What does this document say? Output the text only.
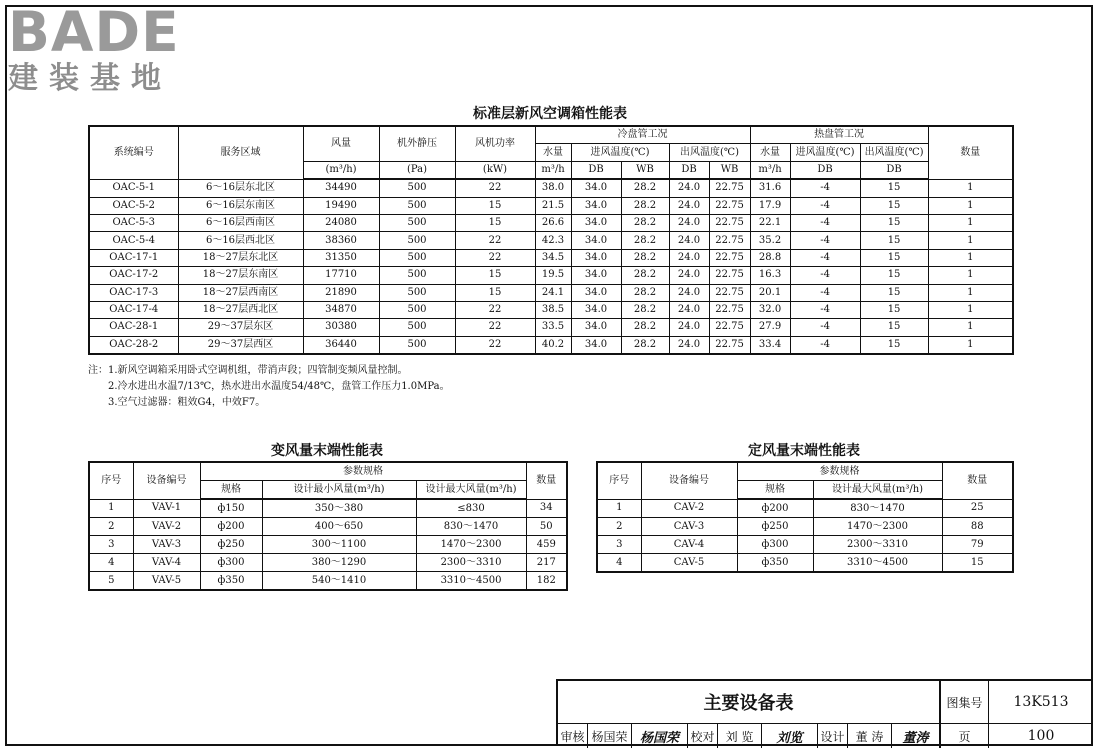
BADE
建装基地
标准层新风空调箱性能表
系统编号	服务区域	风量	机外静压	风机功率	冷盘管工况					热盘管工况			数量
					水量	进风温度(℃)		出风温度(℃)		水量	进风温度(℃)	出风温度(℃)	
		(m³/h)	(Pa)	(kW)	m³/h	DB	WB	DB	WB	m³/h	DB	DB	
OAC-5-1	6～16层东北区	34490	500	22	38.0	34.0	28.2	24.0	22.75	31.6	-4	15	1
OAC-5-2	6～16层东南区	19490	500	15	21.5	34.0	28.2	24.0	22.75	17.9	-4	15	1
OAC-5-3	6～16层西南区	24080	500	15	26.6	34.0	28.2	24.0	22.75	22.1	-4	15	1
OAC-5-4	6～16层西北区	38360	500	22	42.3	34.0	28.2	24.0	22.75	35.2	-4	15	1
OAC-17-1	18～27层东北区	31350	500	22	34.5	34.0	28.2	24.0	22.75	28.8	-4	15	1
OAC-17-2	18～27层东南区	17710	500	15	19.5	34.0	28.2	24.0	22.75	16.3	-4	15	1
OAC-17-3	18～27层西南区	21890	500	15	24.1	34.0	28.2	24.0	22.75	20.1	-4	15	1
OAC-17-4	18～27层西北区	34870	500	22	38.5	34.0	28.2	24.0	22.75	32.0	-4	15	1
OAC-28-1	29～37层东区	30380	500	22	33.5	34.0	28.2	24.0	22.75	27.9	-4	15	1
OAC-28-2	29～37层西区	36440	500	22	40.2	34.0	28.2	24.0	22.75	33.4	-4	15	1
注：1.新风空调箱采用卧式空调机组，带消声段；四管制变频风量控制。
2.冷水进出水温7/13℃，热水进出水温度54/48℃，盘管工作压力1.0MPa。
3.空气过滤器：粗效G4，中效F7。
变风量末端性能表
序号	设备编号	参数规格			数量
		规格	设计最小风量(m³/h)	设计最大风量(m³/h)	
1	VAV-1	ф150	350～380	≤830	34
2	VAV-2	ф200	400～650	830～1470	50
3	VAV-3	ф250	300～1100	1470～2300	459
4	VAV-4	ф300	380～1290	2300～3310	217
5	VAV-5	ф350	540～1410	3310～4500	182
定风量末端性能表
序号	设备编号	参数规格		数量
		规格	设计最大风量(m³/h)	
1	CAV-2	ф200	830～1470	25
2	CAV-3	ф250	1470～2300	88
3	CAV-4	ф300	2300～3310	79
4	CAV-5	ф350	3310～4500	15
主要设备表	图集号	13K513
审核 杨国荣 杨国荣 校对 刘 览	刘览	设计 董 涛	董涛	页	100
